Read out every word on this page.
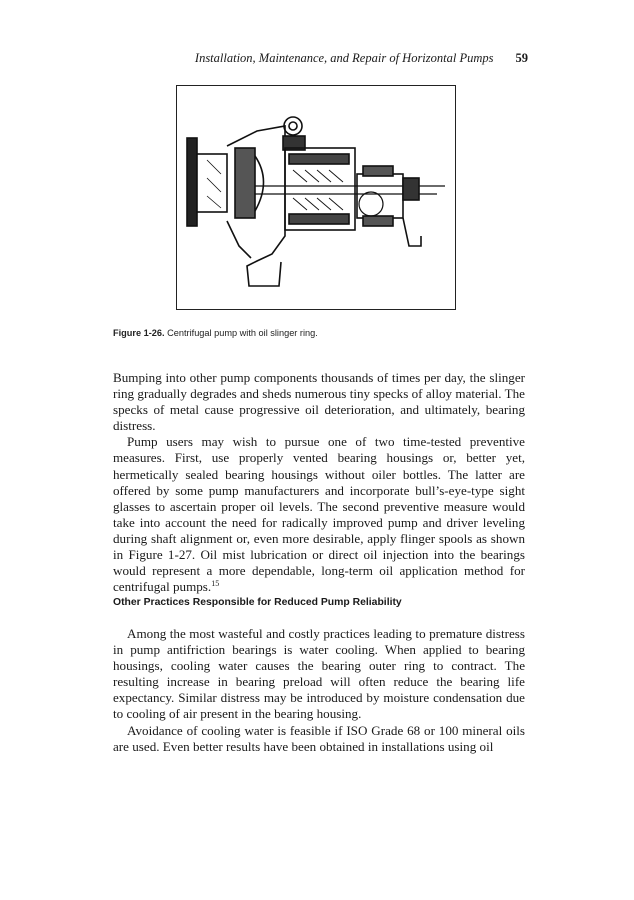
Installation, Maintenance, and Repair of Horizontal Pumps 59
Figure 1-26. Centrifugal pump with oil slinger ring.

Bumping into other pump components thousands of times per day, the slinger ring gradually degrades and sheds numerous tiny specks of alloy material. The specks of metal cause progressive oil deterioration, and ultimately, bearing distress.

Pump users may wish to pursue one of two time-tested preventive measures. First, use properly vented bearing housings or, better yet, hermetically sealed bearing housings without oiler bottles. The latter are offered by some pump manufacturers and incorporate bull’s-eye-type sight glasses to ascertain proper oil levels. The second preventive measure would take into account the need for radically improved pump and driver leveling during shaft alignment or, even more desirable, apply flinger spools as shown in Figure 1-27. Oil mist lubrication or direct oil injection into the bearings would represent a more dependable, long-term oil application method for centrifugal pumps.$^{15}$

Other Practices Responsible for Reduced Pump Reliability

Among the most wasteful and costly practices leading to premature distress in pump antifriction bearings is water cooling. When applied to bearing housings, cooling water causes the bearing outer ring to contract. The resulting increase in bearing preload will often reduce the bearing life expectancy. Similar distress may be introduced by moisture condensation due to cooling of air present in the bearing housing.

Avoidance of cooling water is feasible if ISO Grade 68 or 100 mineral oils are used. Even better results have been obtained in installations using oil
